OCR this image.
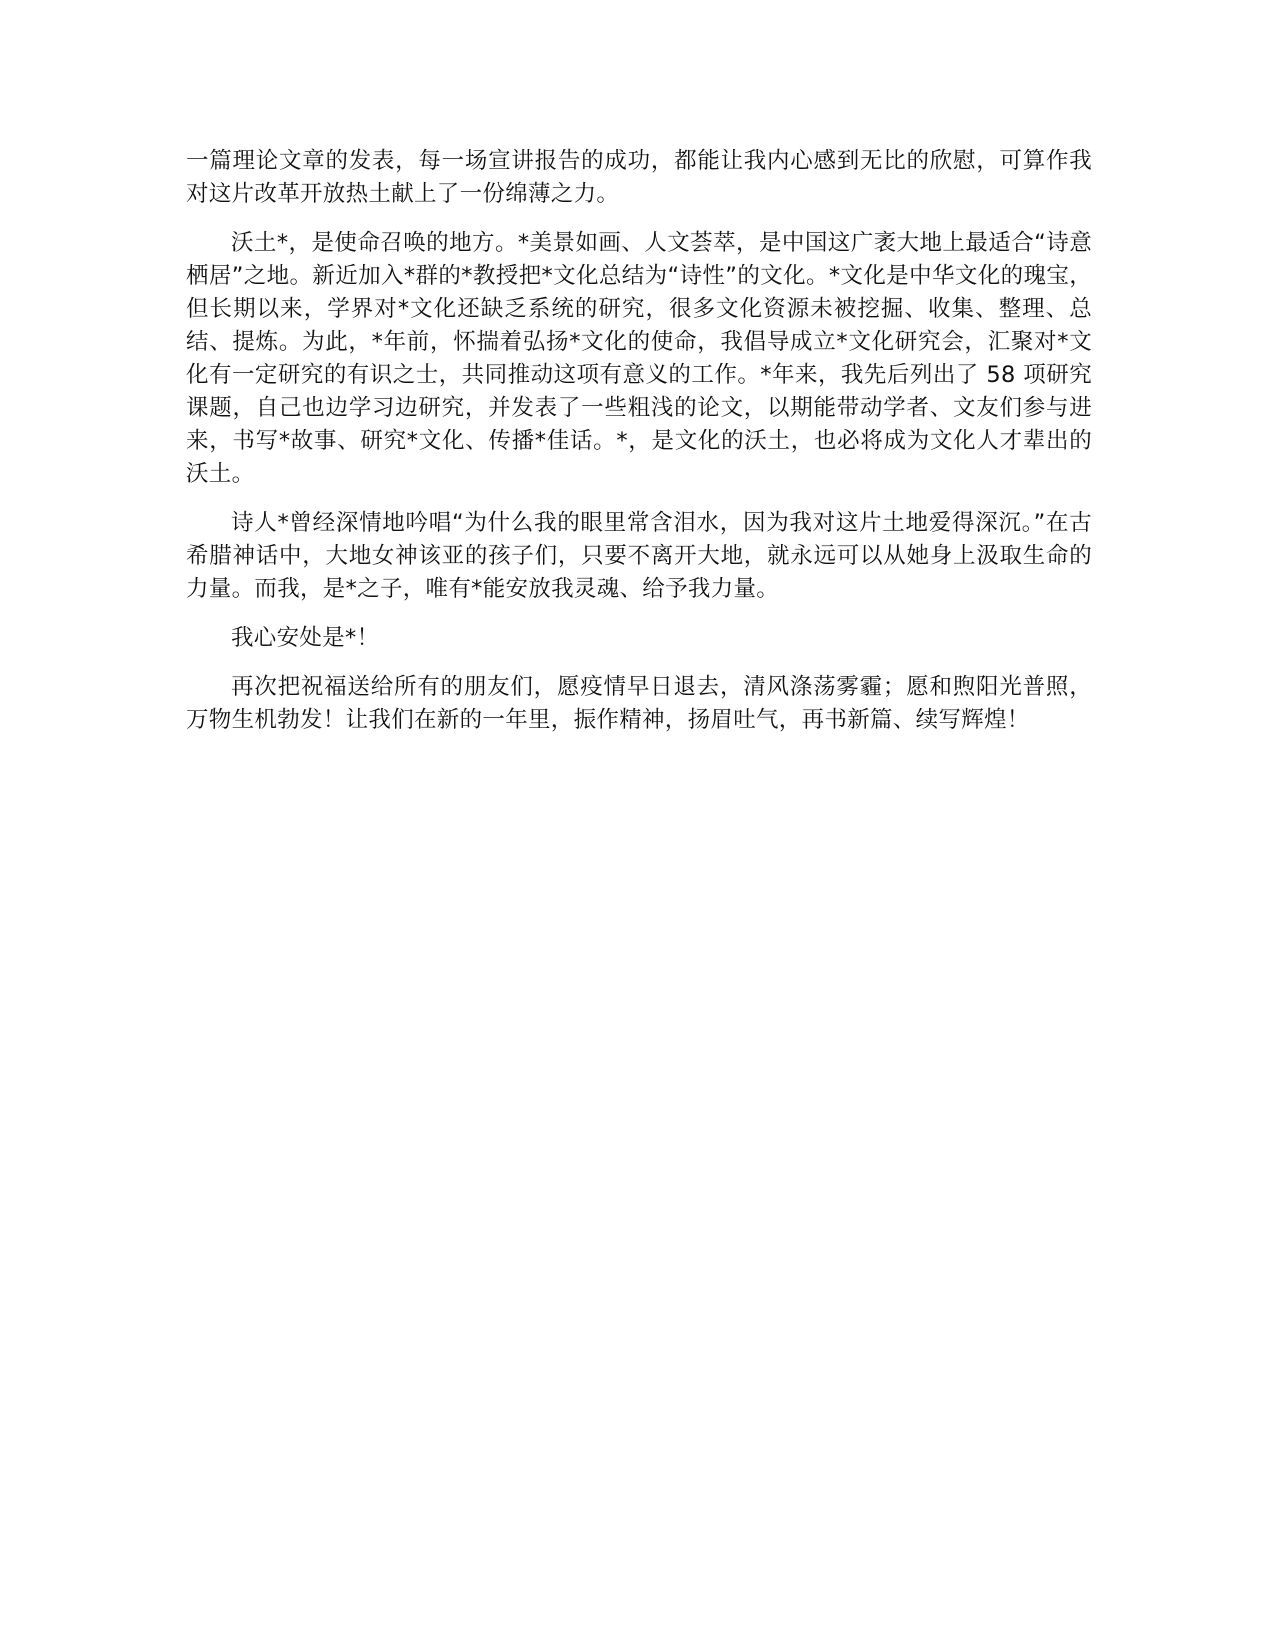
一篇理论文章的发表，每一场宣讲报告的成功，都能让我内心感到无比的欣慰，可算作我对这片改革开放热土献上了一份绵薄之力。

沃土*，是使命召唤的地方。*美景如画、人文荟萃，是中国这广袤大地上最适合“诗意栖居”之地。新近加入*群的*教授把*文化总结为“诗性”的文化。*文化是中华文化的瑰宝，但长期以来，学界对*文化还缺乏系统的研究，很多文化资源未被挖掘、收集、整理、总结、提炼。为此，*年前，怀揣着弘扬*文化的使命，我倡导成立*文化研究会，汇聚对*文化有一定研究的有识之士，共同推动这项有意义的工作。*年来，我先后列出了 58 项研究课题，自己也边学习边研究，并发表了一些粗浅的论文，以期能带动学者、文友们参与进来，书写*故事、研究*文化、传播*佳话。*，是文化的沃土，也必将成为文化人才辈出的沃土。

诗人*曾经深情地吟唱“为什么我的眼里常含泪水，因为我对这片土地爱得深沉。”在古希腊神话中，大地女神该亚的孩子们，只要不离开大地，就永远可以从她身上汲取生命的力量。而我，是*之子，唯有*能安放我灵魂、给予我力量。

我心安处是*！

再次把祝福送给所有的朋友们，愿疫情早日退去，清风涤荡雾霾；愿和煦阳光普照，万物生机勃发！让我们在新的一年里，振作精神，扬眉吐气，再书新篇、续写辉煌！
